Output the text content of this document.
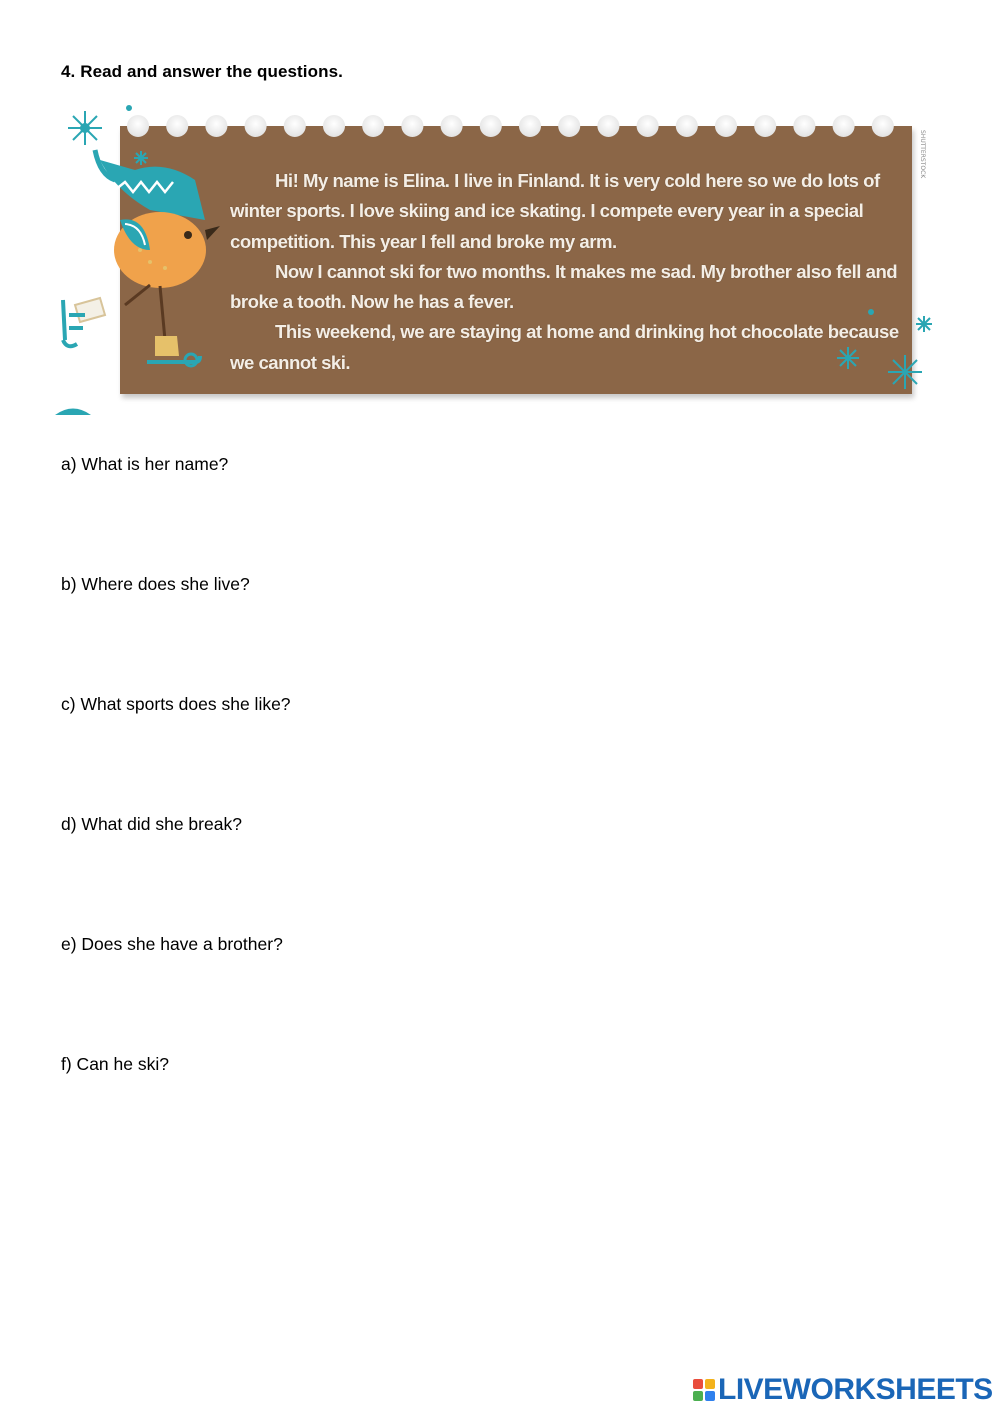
4. Read and answer the questions.

Hi! My name is Elina. I live in Finland. It is very cold here so we do lots of winter sports. I love skiing and ice skating. I compete every year in a special competition. This year I fell and broke my arm.

Now I cannot ski for two months. It makes me sad. My brother also fell and broke a tooth. Now he has a fever.

This weekend, we are staying at home and drinking hot chocolate because we cannot ski.

SHUTTERSTOCK
a) What is her name?
b) Where does she live?
c) What sports does she like?
d) What did she break?
e) Does she have a brother?
f) Can he ski?
LIVEWORKSHEETS
